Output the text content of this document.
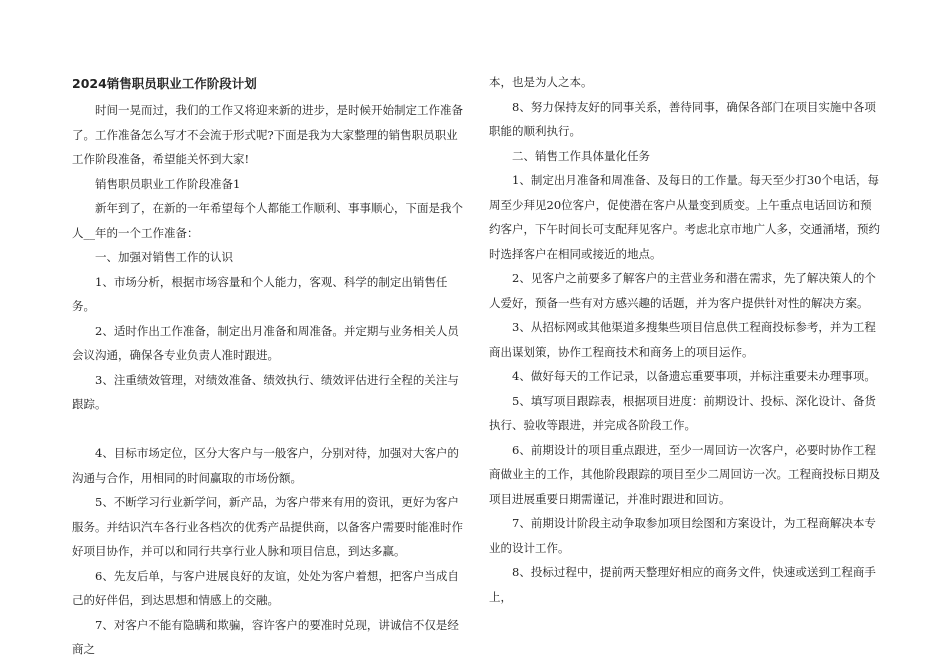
2024销售职员职业工作阶段计划

时间一晃而过，我们的工作又将迎来新的进步，是时候开始制定工作准备了。工作准备怎么写才不会流于形式呢?下面是我为大家整理的销售职员职业工作阶段准备，希望能关怀到大家!

销售职员职业工作阶段准备1

新年到了，在新的一年希望每个人都能工作顺利、事事顺心，下面是我个人__年的一个工作准备：

一、加强对销售工作的认识

1、市场分析，根据市场容量和个人能力，客观、科学的制定出销售任务。

2、适时作出工作准备，制定出月准备和周准备。并定期与业务相关人员会议沟通，确保各专业负责人准时跟进。

3、注重绩效管理，对绩效准备、绩效执行、绩效评估进行全程的关注与跟踪。

4、目标市场定位，区分大客户与一般客户，分别对待，加强对大客户的沟通与合作，用相同的时间赢取的市场份额。

5、不断学习行业新学问，新产品，为客户带来有用的资讯，更好为客户服务。并结识汽车各行业各档次的优秀产品提供商，以备客户需要时能准时作好项目协作，并可以和同行共享行业人脉和项目信息，到达多赢。

6、先友后单，与客户进展良好的友谊，处处为客户着想，把客户当成自己的好伴侣，到达思想和情感上的交融。

7、对客户不能有隐瞒和欺骗，容许客户的要准时兑现，讲诚信不仅是经商之

本，也是为人之本。

8、努力保持友好的同事关系，善待同事，确保各部门在项目实施中各项职能的顺利执行。

二、销售工作具体量化任务

1、制定出月准备和周准备、及每日的工作量。每天至少打30个电话，每周至少拜见20位客户，促使潜在客户从量变到质变。上午重点电话回访和预约客户，下午时间长可支配拜见客户。考虑北京市地广人多，交通涌堵，预约时选择客户在相同或接近的地点。

2、见客户之前要多了解客户的主营业务和潜在需求，先了解决策人的个人爱好，预备一些有对方感兴趣的话题，并为客户提供针对性的解决方案。

3、从招标网或其他渠道多搜集些项目信息供工程商投标参考，并为工程商出谋划策，协作工程商技术和商务上的项目运作。

4、做好每天的工作记录，以备遗忘重要事项，并标注重要未办理事项。

5、填写项目跟踪表，根据项目进度：前期设计、投标、深化设计、备货执行、验收等跟进，并完成各阶段工作。

6、前期设计的项目重点跟进，至少一周回访一次客户，必要时协作工程商做业主的工作，其他阶段跟踪的项目至少二周回访一次。工程商投标日期及项目进展重要日期需谨记，并准时跟进和回访。

7、前期设计阶段主动争取参加项目绘图和方案设计，为工程商解决本专业的设计工作。

8、投标过程中，提前两天整理好相应的商务文件，快速或送到工程商手上，
